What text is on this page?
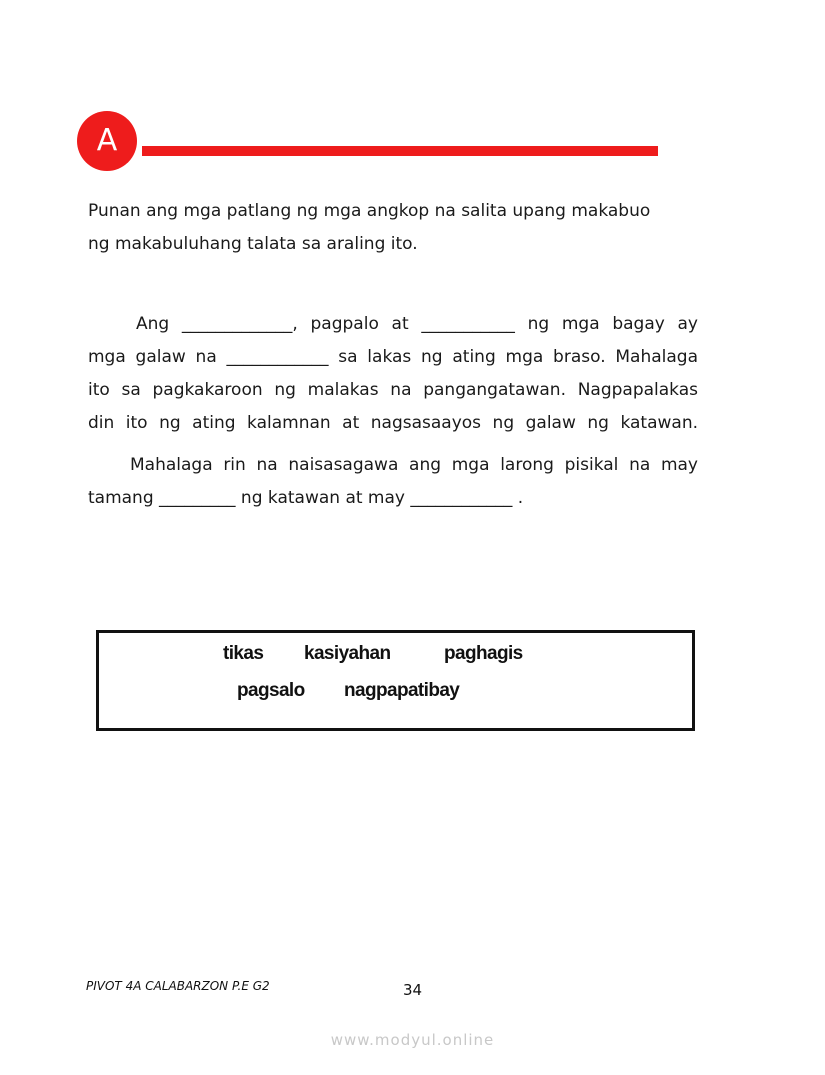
A
Punan ang mga patlang ng mga angkop na salita upang makabuo
ng makabuluhang talata sa araling ito.
Ang _____________, pagpalo at ___________ ng mga bagay ay
mga galaw na ____________ sa lakas ng ating mga braso. Mahalaga
ito sa pagkakaroon ng malakas na pangangatawan. Nagpapalakas
din ito ng ating kalamnan at nagsasaayos ng galaw ng katawan.
Mahalaga rin na naisasagawa ang mga larong pisikal na may
tamang _________ ng katawan at may ____________ .
tikas kasiyahan	paghagis
pagsalo nagpapatibay
PIVOT 4A CALABARZON P.E G2	34
www.modyul.online
